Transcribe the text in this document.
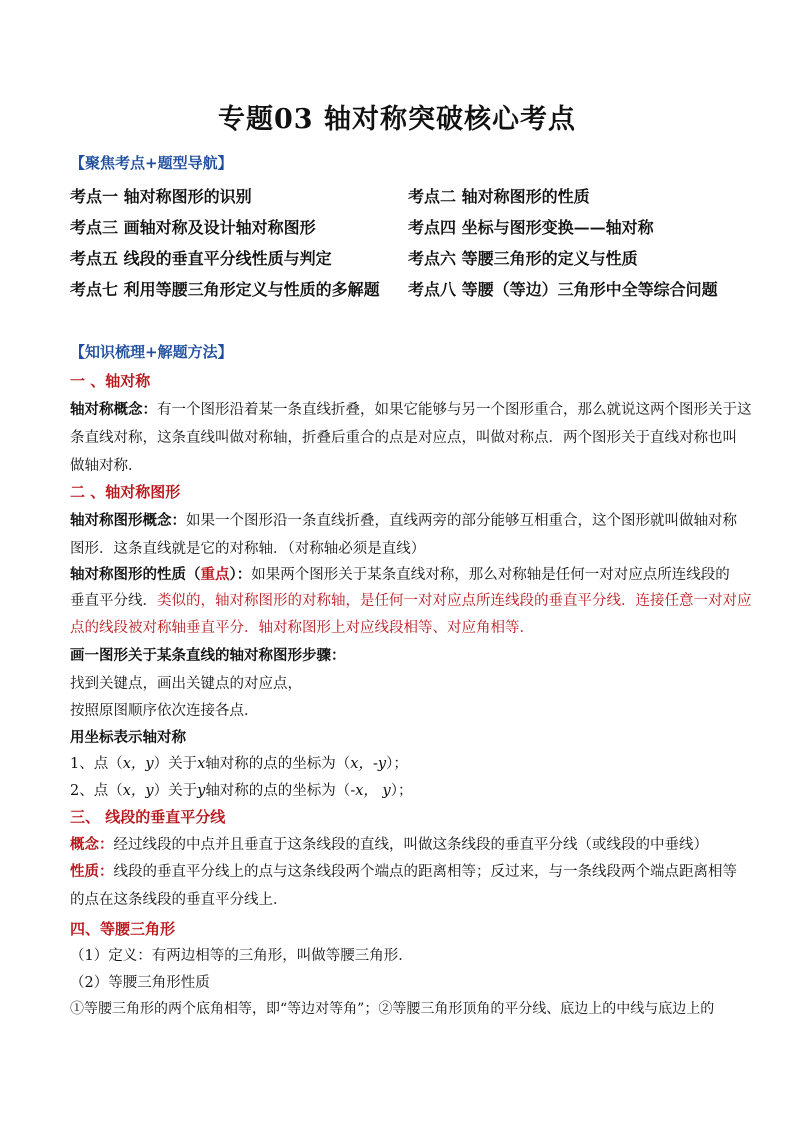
专题03 轴对称突破核心考点
【聚焦考点+题型导航】
考点一 轴对称图形的识别	考点二 轴对称图形的性质
考点三 画轴对称及设计轴对称图形	考点四 坐标与图形变换——轴对称
考点五 线段的垂直平分线性质与判定	考点六 等腰三角形的定义与性质
考点七 利用等腰三角形定义与性质的多解题 考点八 等腰（等边）三角形中全等综合问题
【知识梳理+解题方法】
一 、轴对称
轴对称概念：有一个图形沿着某一条直线折叠，如果它能够与另一个图形重合，那么就说这两个图形关于这
条直线对称，这条直线叫做对称轴，折叠后重合的点是对应点，叫做对称点．两个图形关于直线对称也叫
做轴对称．
二 、轴对称图形
轴对称图形概念：如果一个图形沿一条直线折叠，直线两旁的部分能够互相重合，这个图形就叫做轴对称
图形．这条直线就是它的对称轴．（对称轴必须是直线）
轴对称图形的性质（重点）：如果两个图形关于某条直线对称，那么对称轴是任何一对对应点所连线段的
垂直平分线．类似的，轴对称图形的对称轴，是任何一对对应点所连线段的垂直平分线．连接任意一对对应
点的线段被对称轴垂直平分．轴对称图形上对应线段相等、对应角相等．
画一图形关于某条直线的轴对称图形步骤：
找到关键点，画出关键点的对应点，
按照原图顺序依次连接各点．
用坐标表示轴对称
1、点（x，y）关于x轴对称的点的坐标为（x，-y）；
2、点（x，y）关于y轴对称的点的坐标为（-x， y）；
三、 线段的垂直平分线
概念：经过线段的中点并且垂直于这条线段的直线，叫做这条线段的垂直平分线（或线段的中垂线）
性质：线段的垂直平分线上的点与这条线段两个端点的距离相等；反过来，与一条线段两个端点距离相等
的点在这条线段的垂直平分线上．
四、等腰三角形
（1）定义：有两边相等的三角形，叫做等腰三角形．
（2）等腰三角形性质
①等腰三角形的两个底角相等，即“等边对等角”；②等腰三角形顶角的平分线、底边上的中线与底边上的
